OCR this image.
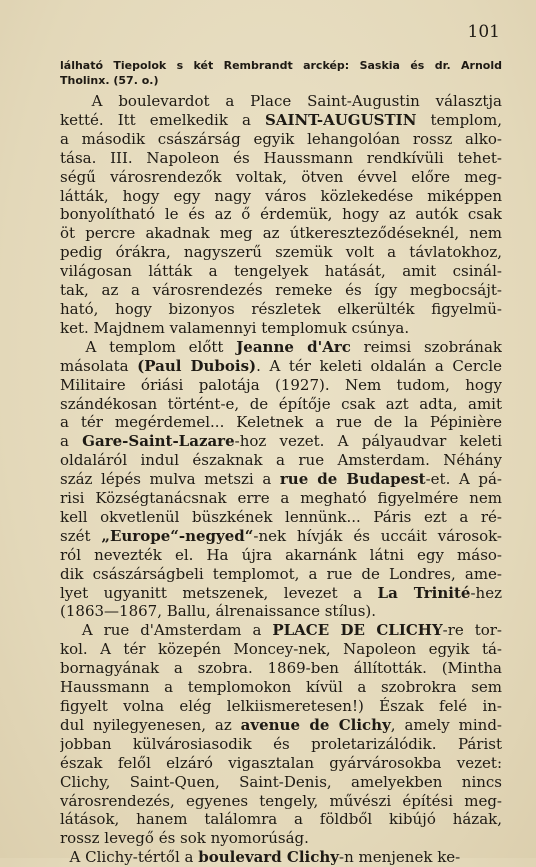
101
lálható Tiepolok s két Rembrandt arckép: Saskia és dr. Arnold
Tholinx. (57. o.)

A boulevardot a Place Saint-Augustin választja
ketté. Itt emelkedik a SAINT-AUGUSTIN templom,
a második császárság egyik lehangolóan rossz alko-
tása. III. Napoleon és Haussmann rendkívüli tehet-
ségű városrendezők voltak, ötven évvel előre meg-
látták, hogy egy nagy város közlekedése miképpen
bonyolítható le és az ő érdemük, hogy az autók csak
öt percre akadnak meg az útkereszteződéseknél, nem
pedig órákra, nagyszerű szemük volt a távlatokhoz,
világosan látták a tengelyek hatását, amit csinál-
tak, az a városrendezés remeke és így megbocsájt-
ható, hogy bizonyos részletek elkerülték figyelmü-
ket. Majdnem valamennyi templomuk csúnya.

A templom előtt Jeanne d'Arc reimsi szobrának
másolata (Paul Dubois). A tér keleti oldalán a Cercle
Militaire óriási palotája (1927). Nem tudom, hogy
szándékosan történt-e, de építője csak azt adta, amit
a tér megérdemel... Keletnek a rue de la Pépinière
a Gare-Saint-Lazare-hoz vezet. A pályaudvar keleti
oldaláról indul északnak a rue Amsterdam. Néhány
száz lépés mulva metszi a rue de Budapest-et. A pá-
risi Községtanácsnak erre a megható figyelmére nem
kell okvetlenül büszkének lennünk... Páris ezt a ré-
szét „Europe“-negyed“-nek hívják és uccáit városok-
ról nevezték el. Ha újra akarnánk látni egy máso-
dik császárságbeli templomot, a rue de Londres, ame-
lyet ugyanitt metszenek, levezet a La Trinité-hez
(1863—1867, Ballu, álrenaissance stílus).

A rue d'Amsterdam a PLACE DE CLICHY-re tor-
kol. A tér közepén Moncey-nek, Napoleon egyik tá-
bornagyának a szobra. 1869-ben állították. (Mintha
Haussmann a templomokon kívül a szobrokra sem
figyelt volna elég lelkiismeretesen!) Észak felé in-
dul nyilegyenesen, az avenue de Clichy, amely mind-
jobban külvárosiasodik és proletarizálódik. Párist
észak felől elzáró vigasztalan gyárvárosokba vezet:
Clichy, Saint-Quen, Saint-Denis, amelyekben nincs
városrendezés, egyenes tengely, művészi építési meg-
látások, hanem találomra a földből kibújó házak,
rossz levegő és sok nyomorúság.

A Clichy-tértől a boulevard Clichy-n menjenek ke-
